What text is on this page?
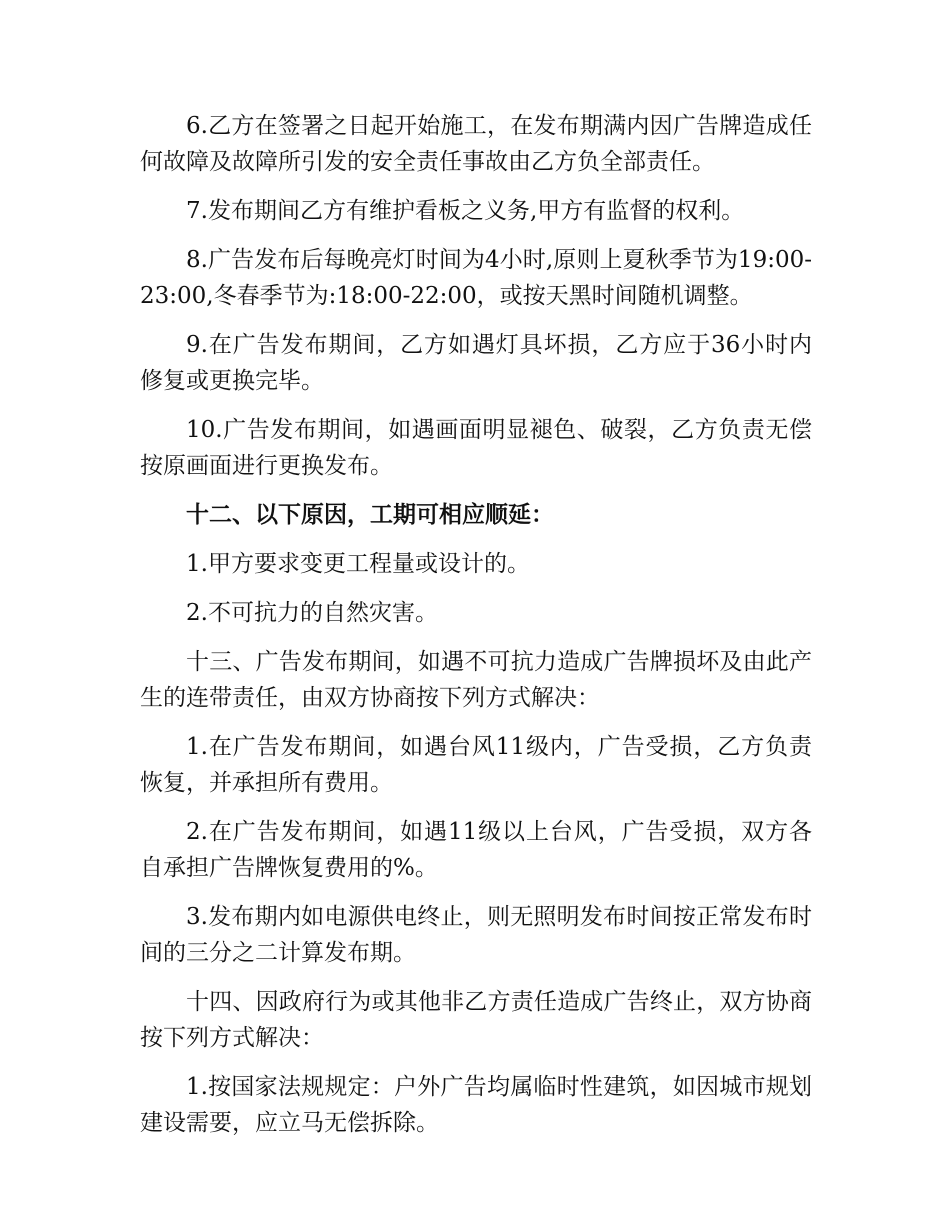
6.乙方在签署之日起开始施工，在发布期满内因广告牌造成任何故障及故障所引发的安全责任事故由乙方负全部责任。

7.发布期间乙方有维护看板之义务,甲方有监督的权利。

8.广告发布后每晚亮灯时间为4小时,原则上夏秋季节为19:00-23:00,冬春季节为:18:00-22:00，或按天黑时间随机调整。

9.在广告发布期间，乙方如遇灯具坏损，乙方应于36小时内修复或更换完毕。

10.广告发布期间，如遇画面明显褪色、破裂，乙方负责无偿按原画面进行更换发布。

十二、以下原因，工期可相应顺延：

1.甲方要求变更工程量或设计的。

2.不可抗力的自然灾害。

十三、广告发布期间，如遇不可抗力造成广告牌损坏及由此产生的连带责任，由双方协商按下列方式解决：

1.在广告发布期间，如遇台风11级内，广告受损，乙方负责恢复，并承担所有费用。

2.在广告发布期间，如遇11级以上台风，广告受损，双方各自承担广告牌恢复费用的%。

3.发布期内如电源供电终止，则无照明发布时间按正常发布时间的三分之二计算发布期。

十四、因政府行为或其他非乙方责任造成广告终止，双方协商按下列方式解决：

1.按国家法规规定：户外广告均属临时性建筑，如因城市规划建设需要，应立马无偿拆除。
